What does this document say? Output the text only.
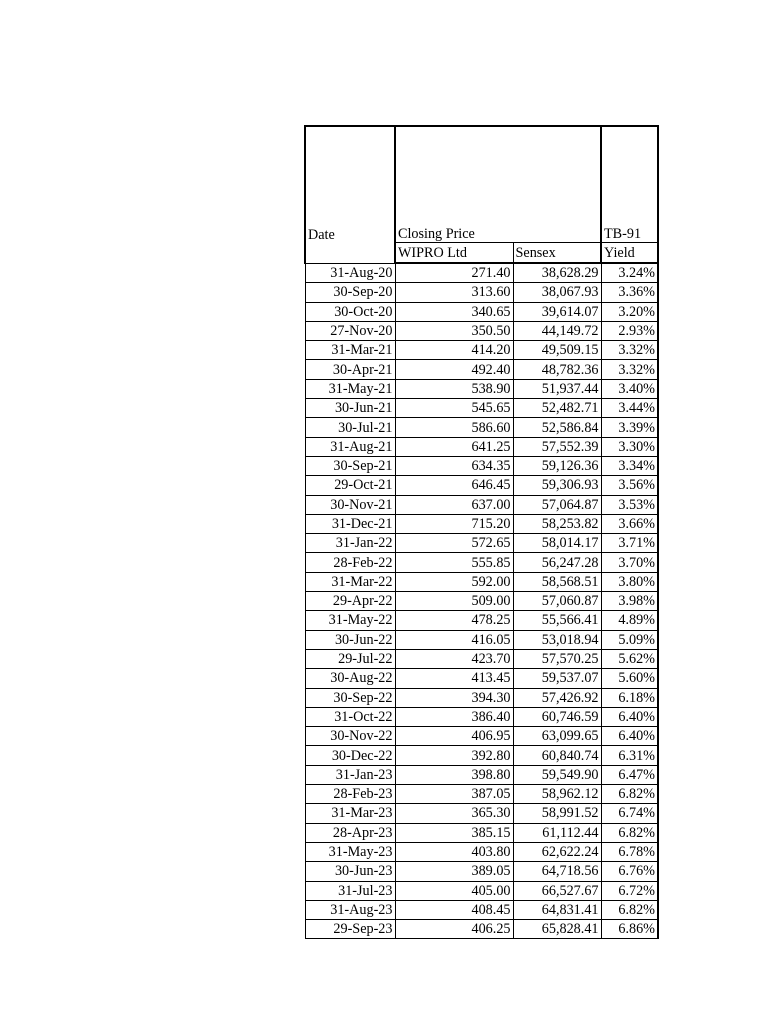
Date	Closing Price		TB-91
	WIPRO Ltd	Sensex	Yield
31-Aug-20	271.40	38,628.29	3.24%
30-Sep-20	313.60	38,067.93	3.36%
30-Oct-20	340.65	39,614.07	3.20%
27-Nov-20	350.50	44,149.72	2.93%
31-Mar-21	414.20	49,509.15	3.32%
30-Apr-21	492.40	48,782.36	3.32%
31-May-21	538.90	51,937.44	3.40%
30-Jun-21	545.65	52,482.71	3.44%
30-Jul-21	586.60	52,586.84	3.39%
31-Aug-21	641.25	57,552.39	3.30%
30-Sep-21	634.35	59,126.36	3.34%
29-Oct-21	646.45	59,306.93	3.56%
30-Nov-21	637.00	57,064.87	3.53%
31-Dec-21	715.20	58,253.82	3.66%
31-Jan-22	572.65	58,014.17	3.71%
28-Feb-22	555.85	56,247.28	3.70%
31-Mar-22	592.00	58,568.51	3.80%
29-Apr-22	509.00	57,060.87	3.98%
31-May-22	478.25	55,566.41	4.89%
30-Jun-22	416.05	53,018.94	5.09%
29-Jul-22	423.70	57,570.25	5.62%
30-Aug-22	413.45	59,537.07	5.60%
30-Sep-22	394.30	57,426.92	6.18%
31-Oct-22	386.40	60,746.59	6.40%
30-Nov-22	406.95	63,099.65	6.40%
30-Dec-22	392.80	60,840.74	6.31%
31-Jan-23	398.80	59,549.90	6.47%
28-Feb-23	387.05	58,962.12	6.82%
31-Mar-23	365.30	58,991.52	6.74%
28-Apr-23	385.15	61,112.44	6.82%
31-May-23	403.80	62,622.24	6.78%
30-Jun-23	389.05	64,718.56	6.76%
31-Jul-23	405.00	66,527.67	6.72%
31-Aug-23	408.45	64,831.41	6.82%
29-Sep-23	406.25	65,828.41	6.86%
